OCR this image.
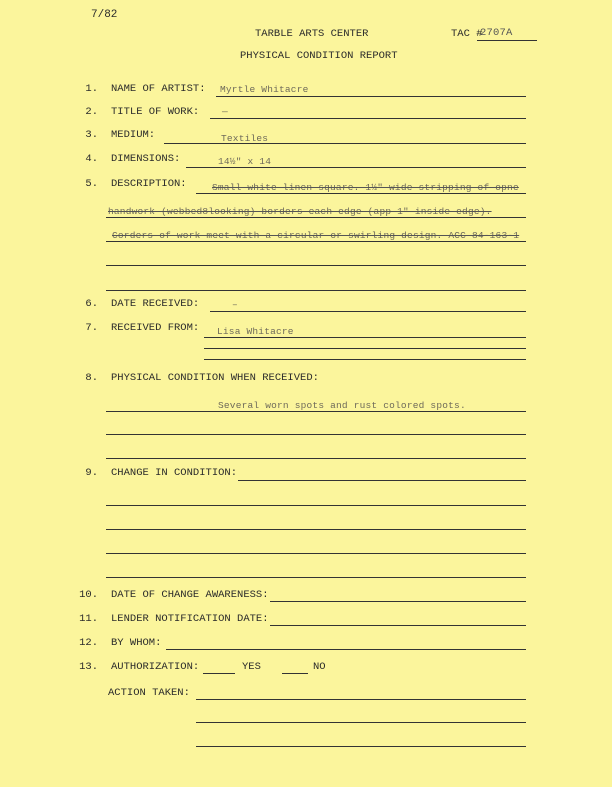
7/82
TARBLE ARTS CENTER	TAC #
2707A
PHYSICAL CONDITION REPORT
1. NAME OF ARTIST: Myrtle Whitacre
2. TITLE OF WORK: —
3. MEDIUM:	Textiles
4. DIMENSIONS:	14½" x 14
5. DESCRIPTION:	Small white linen square. 1½" wide stripping of opne
handwork (webbed8looking) borders each edge (app 1" inside edge).
Corders of work meet with a circular or swirling design. ACC 84-163-1
6. DATE RECEIVED:	–
7. RECEIVED FROM: Lisa Whitacre
8. PHYSICAL CONDITION WHEN RECEIVED:
Several worn spots and rust colored spots.
9. CHANGE IN CONDITION:
10. DATE OF CHANGE AWARENESS:
11. LENDER NOTIFICATION DATE:
12. BY WHOM:
13. AUTHORIZATION:	YES	NO
ACTION TAKEN:
